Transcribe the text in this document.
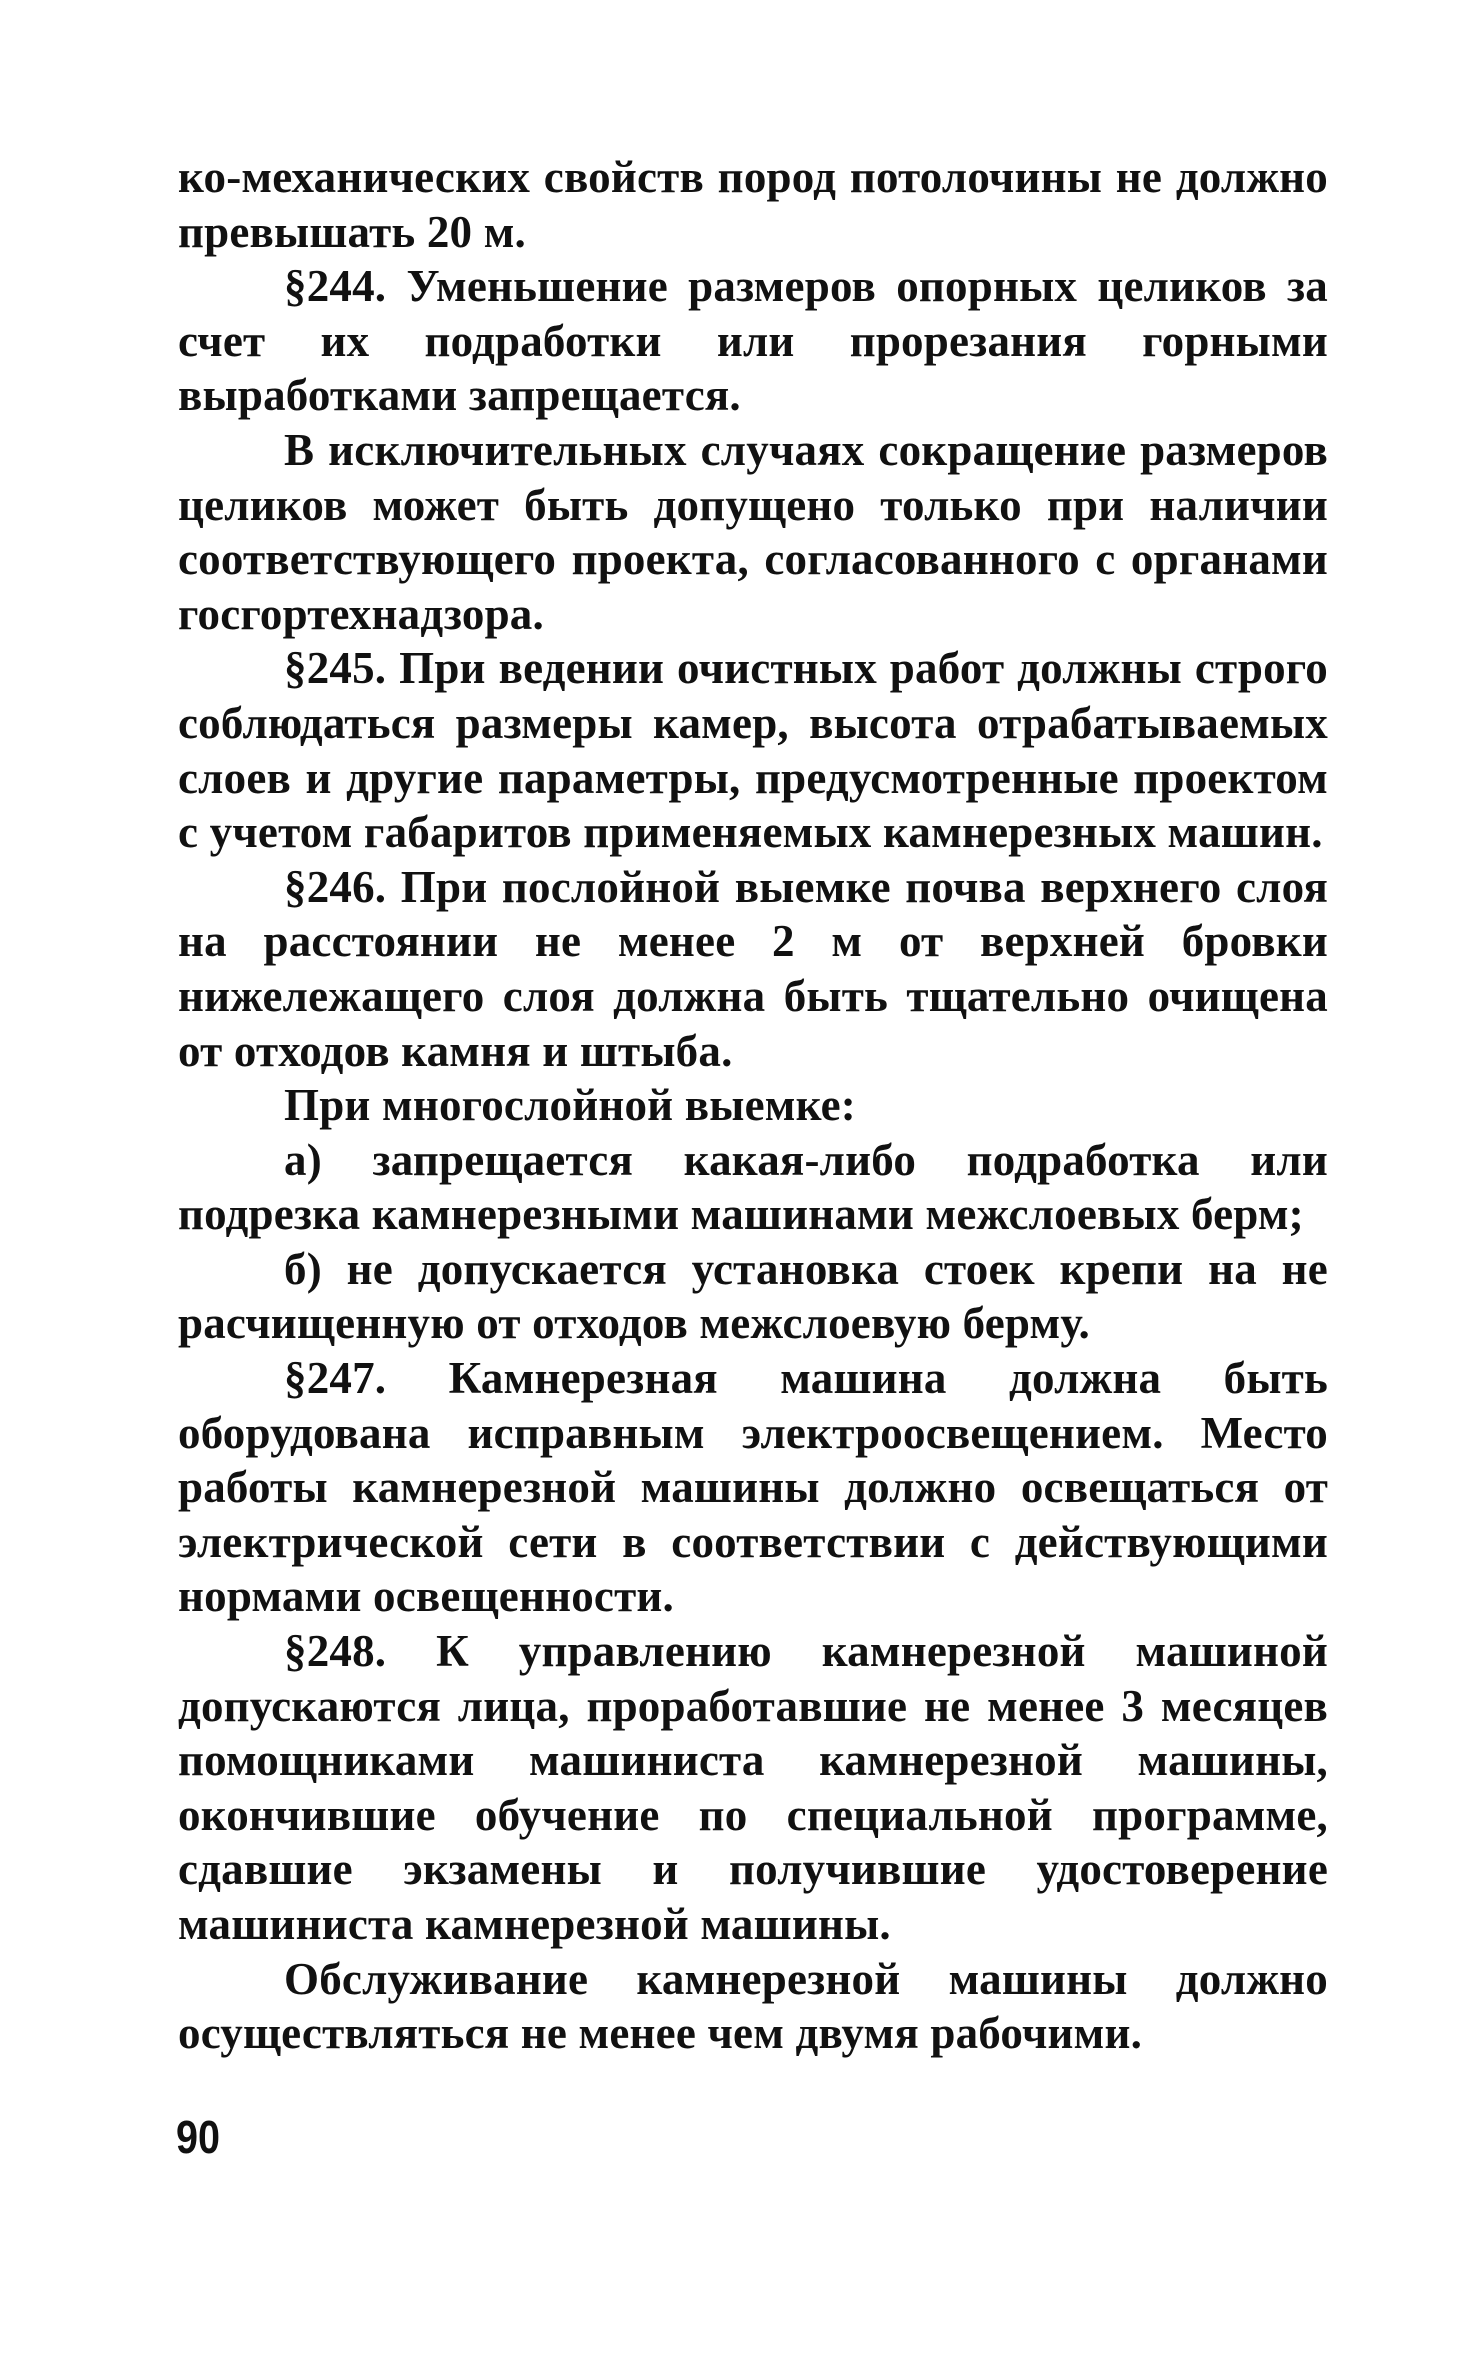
ко-механических свойств пород потолочины не должно превышать 20 м.

§244. Уменьшение размеров опорных целиков за счет их подработки или прорезания горными выработками запрещается.

В исключительных случаях сокращение размеров целиков может быть допущено только при наличии соответствующего проекта, согласованного с органами госгортехнадзора.

§245. При ведении очистных работ должны строго соблюдаться размеры камер, высота отрабатываемых слоев и другие параметры, предусмотренные проектом с учетом габаритов применяемых камнерезных машин.

§246. При послойной выемке почва верхнего слоя на расстоянии не менее 2 м от верхней бровки нижележащего слоя должна быть тщательно очищена от отходов камня и штыба.

При многослойной выемке:

а) запрещается какая-либо подработка или подрезка камнерезными машинами межслоевых берм;

б) не допускается установка стоек крепи на не расчищенную от отходов межслоевую берму.

§247. Камнерезная машина должна быть оборудована исправным электроосвещением. Место работы камнерезной машины должно освещаться от электрической сети в соответствии с действующими нормами освещенности.

§248. К управлению камнерезной машиной допускаются лица, проработавшие не менее 3 месяцев помощниками машиниста камнерезной машины, окончившие обучение по специальной программе, сдавшие экзамены и получившие удостоверение машиниста камнерезной машины.

Обслуживание камнерезной машины должно осуществляться не менее чем двумя рабочими.

90
